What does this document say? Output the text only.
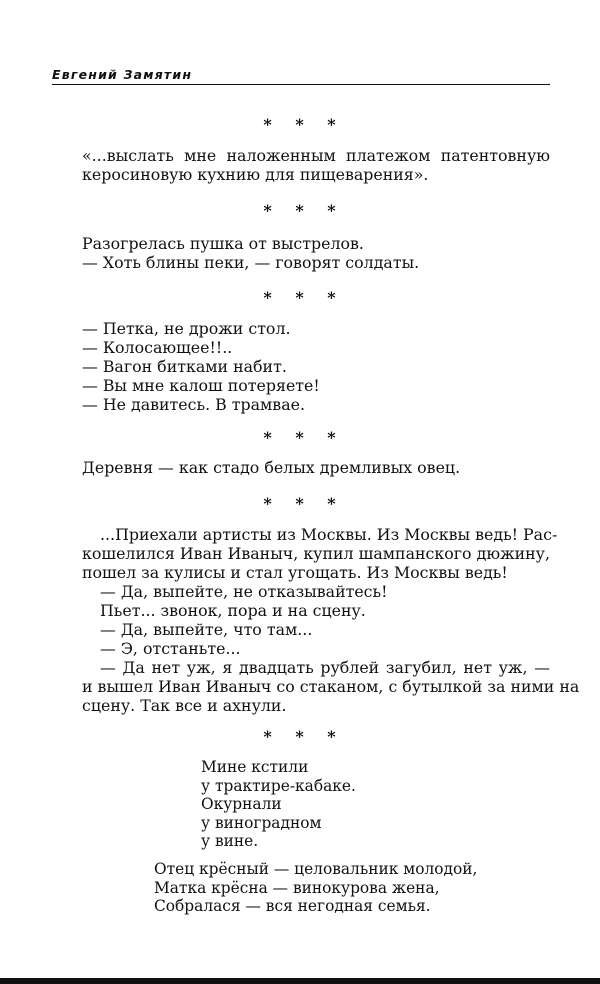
Евгений Замятин
* * *
«...выслать мне наложенным платежом патентовную
керосиновую кухнию для пищеварения».
* * *
Разогрелась пушка от выстрелов.
— Хоть блины пеки, — говорят солдаты.
* * *
— Петка, не дрожи стол.
— Колосающее!!..
— Вагон битками набит.
— Вы мне калош потеряете!
— Не давитесь. В трамвае.
* * *
Деревня — как стадо белых дремливых овец.
* * *
...Приехали артисты из Москвы. Из Москвы ведь! Рас-
кошелился Иван Иваныч, купил шампанского дюжину,
пошел за кулисы и стал угощать. Из Москвы ведь!
— Да, выпейте, не отказывайтесь!
Пьет... звонок, пора и на сцену.
— Да, выпейте, что там...
— Э, отстаньте...
— Да нет уж, я двадцать рублей загубил, нет уж, —
и вышел Иван Иваныч со стаканом, с бутылкой за ними на
сцену. Так все и ахнули.
* * *
Мине кстили
у трактире-кабаке.
Окурнали
у виноградном
у вине.
Отец крёсный — целовальник молодой,
Матка крёсна — винокурова жена,
Собралася — вся негодная семья.
